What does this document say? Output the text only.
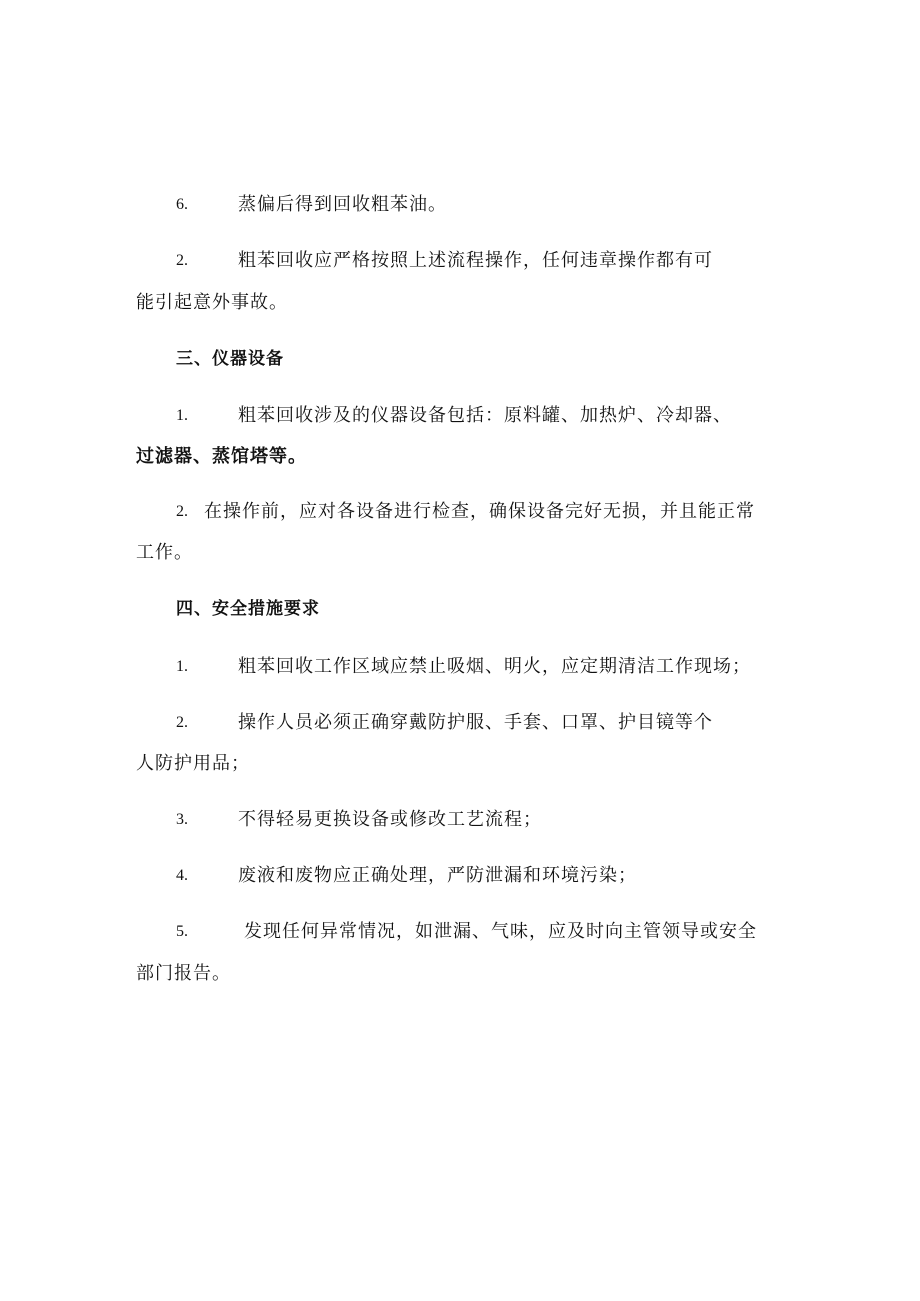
6.	蒸偏后得到回收粗苯油。
2.	粗苯回收应严格按照上述流程操作，任何违章操作都有可
能引起意外事故。
三、仪器设备
1.	粗苯回收涉及的仪器设备包括：原料罐、加热炉、冷却器、
过滤器、蒸馆塔等。
2. 在操作前，应对各设备进行检查，确保设备完好无损，并且能正常
工作。
四、安全措施要求
1.	粗苯回收工作区域应禁止吸烟、明火，应定期清洁工作现场；
2.	操作人员必须正确穿戴防护服、手套、口罩、护目镜等个
人防护用品；
3.	不得轻易更换设备或修改工艺流程；
4.	废液和废物应正确处理，严防泄漏和环境污染；
5.	发现任何异常情况，如泄漏、气味，应及时向主管领导或安全
部门报告。
